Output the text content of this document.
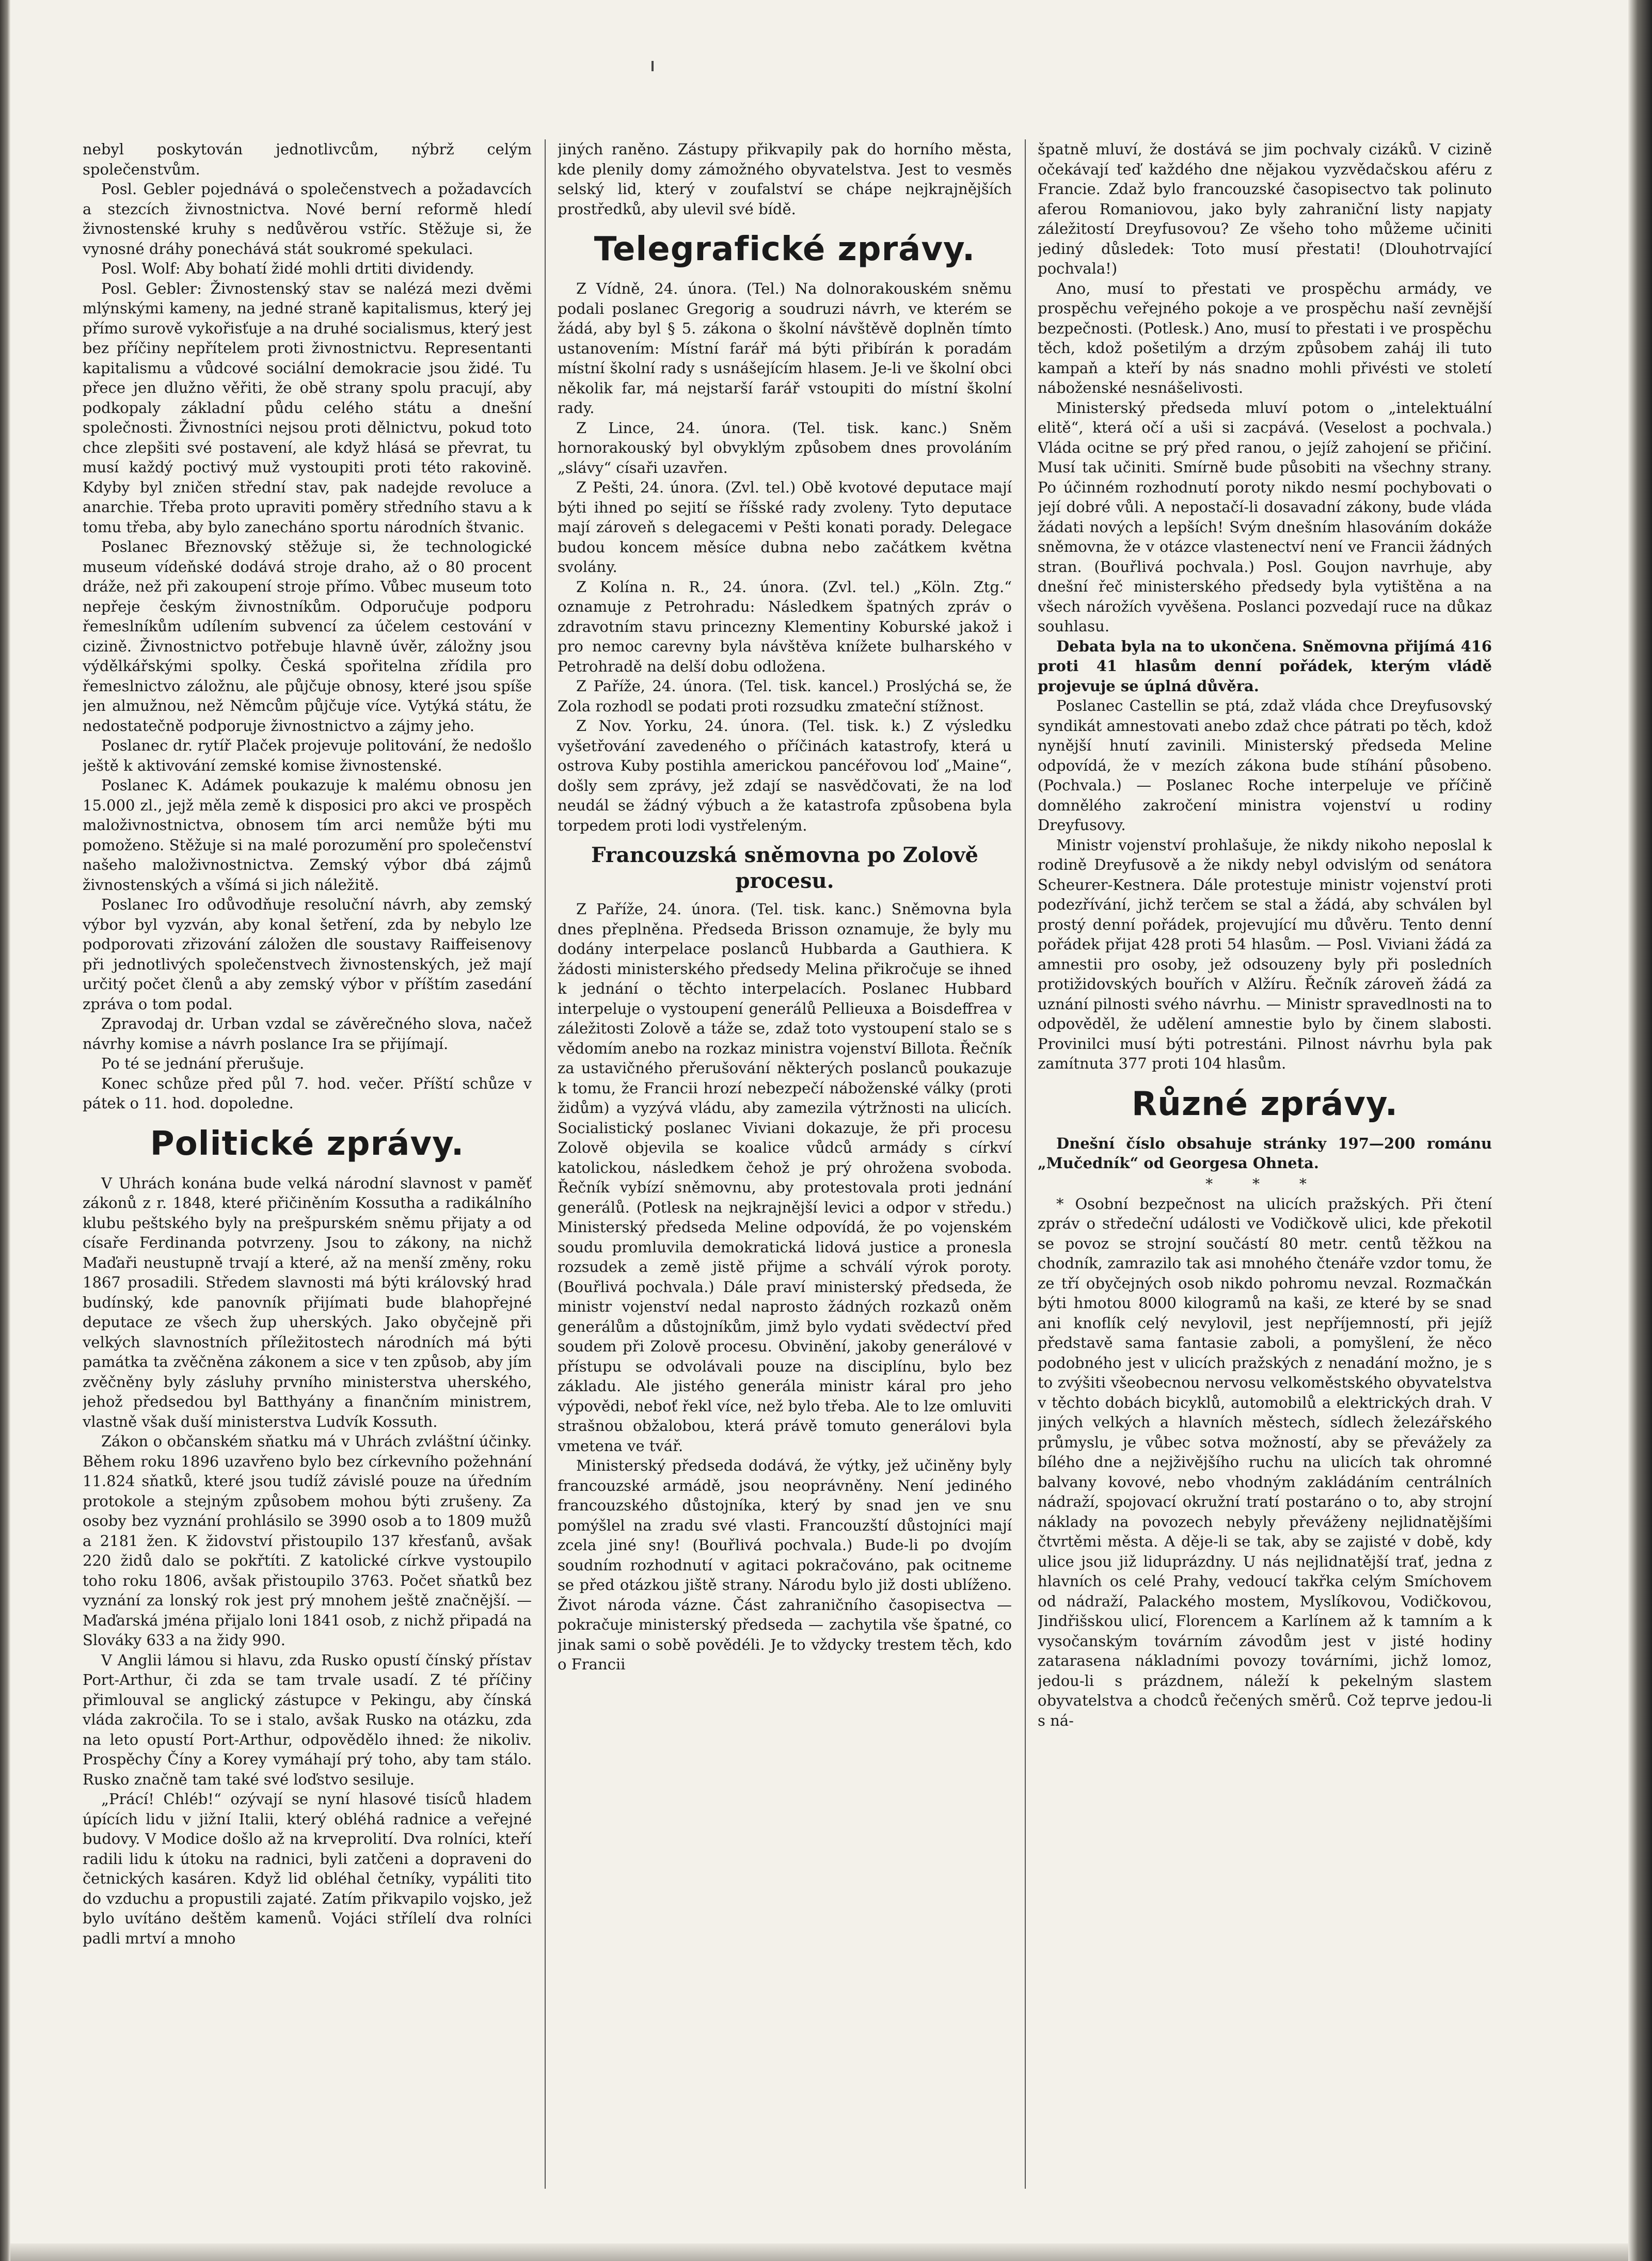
nebyl poskytován jednotlivcům, nýbrž celým společenstvům.

Posl. Gebler pojednává o společenstvech a požadavcích a stezcích živnostnictva. Nové berní reformě hledí živnostenské kruhy s nedůvěrou vstříc. Stěžuje si, že vynosné dráhy ponechává stát soukromé spekulaci.

Posl. Wolf: Aby bohatí židé mohli drtiti dividendy.

Posl. Gebler: Živnostenský stav se nalézá mezi dvěmi mlýnskými kameny, na jedné straně kapitalismus, který jej přímo surově vykořisťuje a na druhé socialismus, který jest bez příčiny nepřítelem proti živnostnictvu. Representanti kapitalismu a vůdcové sociální demokracie jsou židé. Tu přece jen dlužno věřiti, že obě strany spolu pracují, aby podkopaly základní půdu celého státu a dnešní společnosti. Živnostníci nejsou proti dělnictvu, pokud toto chce zlepšiti své postavení, ale když hlásá se převrat, tu musí každý poctivý muž vystoupiti proti této rakovině. Kdyby byl zničen střední stav, pak nadejde revoluce a anarchie. Třeba proto upraviti poměry středního stavu a k tomu třeba, aby bylo zanecháno sportu národních štvanic.

Poslanec Březnovský stěžuje si, že technologické museum vídeňské dodává stroje draho, až o 80 procent dráže, než při zakoupení stroje přímo. Vůbec museum toto nepřeje českým živnostníkům. Odporučuje podporu řemeslníkům udílením subvencí za účelem cestování v cizině. Živnostnictvo potřebuje hlavně úvěr, záložny jsou výdělkářskými spolky. Česká spořitelna zřídila pro řemeslnictvo záložnu, ale půjčuje obnosy, které jsou spíše jen almužnou, než Němcům půjčuje více. Vytýká státu, že nedostatečně podporuje živnostnictvo a zájmy jeho.

Poslanec dr. rytíř Plaček projevuje politování, že nedošlo ještě k aktivování zemské komise živnostenské.

Poslanec K. Adámek poukazuje k malému obnosu jen 15.000 zl., jejž měla země k disposici pro akci ve prospěch maloživnostnictva, obnosem tím arci nemůže býti mu pomoženo. Stěžuje si na malé porozumění pro společenství našeho maloživnostnictva. Zemský výbor dbá zájmů živnostenských a všímá si jich náležitě.

Poslanec Iro odůvodňuje resoluční návrh, aby zemský výbor byl vyzván, aby konal šetření, zda by nebylo lze podporovati zřizování záložen dle soustavy Raiffeisenovy při jednotlivých společenstvech živnostenských, jež mají určitý počet členů a aby zemský výbor v příštím zasedání zpráva o tom podal.

Zpravodaj dr. Urban vzdal se závěrečného slova, načež návrhy komise a návrh poslance Ira se přijímají.

Po té se jednání přerušuje.

Konec schůze před půl 7. hod. večer. Příští schůze v pátek o 11. hod. dopoledne.

Politické zprávy.

V Uhrách konána bude velká národní slavnost v paměť zákonů z r. 1848, které přičiněním Kossutha a radikálního klubu peštského byly na prešpurském sněmu přijaty a od císaře Ferdinanda potvrzeny. Jsou to zákony, na nichž Maďaři neustupně trvají a které, až na menší změny, roku 1867 prosadili. Středem slavnosti má býti královský hrad budínský, kde panovník přijímati bude blahopřejné deputace ze všech žup uherských. Jako obyčejně při velkých slavnostních příležitostech národních má býti památka ta zvěčněna zákonem a sice v ten způsob, aby jím zvěčněny byly zásluhy prvního ministerstva uherského, jehož předsedou byl Batthyány a finančním ministrem, vlastně však duší ministerstva Ludvík Kossuth.

Zákon o občanském sňatku má v Uhrách zvláštní účinky. Během roku 1896 uzavřeno bylo bez církevního požehnání 11.824 sňatků, které jsou tudíž závislé pouze na úředním protokole a stejným způsobem mohou býti zrušeny. Za osoby bez vyznání prohlásilo se 3990 osob a to 1809 mužů a 2181 žen. K židovství přistoupilo 137 křesťanů, avšak 220 židů dalo se pokřtíti. Z katolické církve vystoupilo toho roku 1806, avšak přistoupilo 3763. Počet sňatků bez vyznání za lonský rok jest prý mnohem ještě značnější. — Maďarská jména přijalo loni 1841 osob, z nichž připadá na Slováky 633 a na židy 990.

V Anglii lámou si hlavu, zda Rusko opustí čínský přístav Port-Arthur, či zda se tam trvale usadí. Z té příčiny přimlouval se anglický zástupce v Pekingu, aby čínská vláda zakročila. To se i stalo, avšak Rusko na otázku, zda na leto opustí Port-Arthur, odpovědělo ihned: že nikoliv. Prospěchy Číny a Korey vymáhají prý toho, aby tam stálo. Rusko značně tam také své loďstvo sesiluje.

„Prácí! Chléb!“ ozývají se nyní hlasové tisíců hladem úpících lidu v jižní Italii, který obléhá radnice a veřejné budovy. V Modice došlo až na krveprolití. Dva rolníci, kteří radili lidu k útoku na radnici, byli zatčeni a dopraveni do četnických kasáren. Když lid obléhal četníky, vypáliti tito do vzduchu a propustili zajaté. Zatím přikvapilo vojsko, jež bylo uvítáno deštěm kamenů. Vojáci střílelí dva rolníci padli mrtví a mnoho

jiných raněno. Zástupy přikvapily pak do horního města, kde plenily domy zámožného obyvatelstva. Jest to vesměs selský lid, který v zoufalství se chápe nejkrajnějších prostředků, aby ulevil své bídě.

Telegrafické zprávy.

Z Vídně, 24. února. (Tel.) Na dolnorakouském sněmu podali poslanec Gregorig a soudruzi návrh, ve kterém se žádá, aby byl § 5. zákona o školní návštěvě doplněn tímto ustanovením: Místní farář má býti přibírán k poradám místní školní rady s usnášejícím hlasem. Je-li ve školní obci několik far, má nejstarší farář vstoupiti do místní školní rady.

Z Lince, 24. února. (Tel. tisk. kanc.) Sněm hornorakouský byl obvyklým způsobem dnes provoláním „slávy“ císaři uzavřen.

Z Pešti, 24. února. (Zvl. tel.) Obě kvotové deputace mají býti ihned po sejití se říšské rady zvoleny. Tyto deputace mají zároveň s delegacemi v Pešti konati porady. Delegace budou koncem měsíce dubna nebo začátkem května svolány.

Z Kolína n. R., 24. února. (Zvl. tel.) „Köln. Ztg.“ oznamuje z Petrohradu: Následkem špatných zpráv o zdravotním stavu princezny Klementiny Koburské jakož i pro nemoc carevny byla návštěva knížete bulharského v Petrohradě na delší dobu odložena.

Z Paříže, 24. února. (Tel. tisk. kancel.) Proslýchá se, že Zola rozhodl se podati proti rozsudku zmateční stížnost.

Z Nov. Yorku, 24. února. (Tel. tisk. k.) Z výsledku vyšetřování zavedeného o příčinách katastrofy, která u ostrova Kuby postihla americkou pancéřovou loď „Maine“, došly sem zprávy, jež zdají se nasvědčovati, že na loď neudál se žádný výbuch a že katastrofa způsobena byla torpedem proti lodi vystřeleným.

Francouzská sněmovna po Zolově procesu.

Z Paříže, 24. února. (Tel. tisk. kanc.) Sněmovna byla dnes přeplněna. Předseda Brisson oznamuje, že byly mu dodány interpelace poslanců Hubbarda a Gauthiera. K žádosti ministerského předsedy Melina přikročuje se ihned k jednání o těchto interpelacích. Poslanec Hubbard interpeluje o vystoupení generálů Pellieuxa a Boisdeffrea v záležitosti Zolově a táže se, zdaž toto vystoupení stalo se s vědomím anebo na rozkaz ministra vojenství Billota. Řečník za ustavičného přerušování některých poslanců poukazuje k tomu, že Francii hrozí nebezpečí náboženské války (proti židům) a vyzývá vládu, aby zamezila výtržnosti na ulicích. Socialistický poslanec Viviani dokazuje, že při procesu Zolově objevila se koalice vůdců armády s církví katolickou, následkem čehož je prý ohrožena svoboda. Řečník vybízí sněmovnu, aby protestovala proti jednání generálů. (Potlesk na nejkrajnější levici a odpor v středu.) Ministerský předseda Meline odpovídá, že po vojenském soudu promluvila demokratická lidová justice a pronesla rozsudek a země jistě přijme a schválí výrok poroty. (Bouřlivá pochvala.) Dále praví ministerský předseda, že ministr vojenství nedal naprosto žádných rozkazů oněm generálům a důstojníkům, jimž bylo vydati svědectví před soudem při Zolově procesu. Obvinění, jakoby generálové v přístupu se odvolávali pouze na disciplínu, bylo bez základu. Ale jistého generála ministr káral pro jeho výpovědi, neboť řekl více, než bylo třeba. Ale to lze omluviti strašnou obžalobou, která právě tomuto generálovi byla vmetena ve tvář.

Ministerský předseda dodává, že výtky, jež učiněny byly francouzské armádě, jsou neoprávněny. Není jediného francouzského důstojníka, který by snad jen ve snu pomýšlel na zradu své vlasti. Francouzští důstojníci mají zcela jiné sny! (Bouřlivá pochvala.) Bude-li po dvojím soudním rozhodnutí v agitaci pokračováno, pak ocitneme se před otázkou jiště strany. Národu bylo již dosti ublíženo. Život národa vázne. Část zahraničního časopisectva — pokračuje ministerský předseda — zachytila vše špatné, co jinak sami o sobě povědéli. Je to vždycky trestem těch, kdo o Francii

špatně mluví, že dostává se jim pochvaly cizáků. V cizině očekávají teď každého dne nějakou vyzvědačskou aféru z Francie. Zdaž bylo francouzské časopisectvo tak polinuto aferou Romaniovou, jako byly zahraniční listy napjaty záležitostí Dreyfusovou? Ze všeho toho můžeme učiniti jediný důsledek: Toto musí přestati! (Dlouhotrvající pochvala!)

Ano, musí to přestati ve prospěchu armády, ve prospěchu veřejného pokoje a ve prospěchu naší zevnější bezpečnosti. (Potlesk.) Ano, musí to přestati i ve prospěchu těch, kdož pošetilým a drzým způsobem zaháj ili tuto kampaň a kteří by nás snadno mohli přivésti ve století náboženské nesnášelivosti.

Ministerský předseda mluví potom o „intelektuální elitě“, která očí a uši si zacpává. (Veselost a pochvala.) Vláda ocitne se prý před ranou, o jejíž zahojení se přičiní. Musí tak učiniti. Smírně bude působiti na všechny strany. Po účinném rozhodnutí poroty nikdo nesmí pochybovati o její dobré vůli. A nepostačí-li dosavadní zákony, bude vláda žádati nových a lepších! Svým dnešním hlasováním dokáže sněmovna, že v otázce vlastenectví není ve Francii žádných stran. (Bouřlivá pochvala.) Posl. Goujon navrhuje, aby dnešní řeč ministerského předsedy byla vytištěna a na všech nárožích vyvěšena. Poslanci pozvedají ruce na důkaz souhlasu.

Debata byla na to ukončena. Sněmovna přijímá 416 proti 41 hlasům denní pořádek, kterým vládě projevuje se úplná důvěra.

Poslanec Castellin se ptá, zdaž vláda chce Dreyfusovský syndikát amnestovati anebo zdaž chce pátrati po těch, kdož nynější hnutí zavinili. Ministerský předseda Meline odpovídá, že v mezích zákona bude stíhání působeno. (Pochvala.) — Poslanec Roche interpeluje ve příčině domnělého zakročení ministra vojenství u rodiny Dreyfusovy.

Ministr vojenství prohlašuje, že nikdy nikoho neposlal k rodině Dreyfusově a že nikdy nebyl odvislým od senátora Scheurer-Kestnera. Dále protestuje ministr vojenství proti podezřívání, jichž terčem se stal a žádá, aby schválen byl prostý denní pořádek, projevující mu důvěru. Tento denní pořádek přijat 428 proti 54 hlasům. — Posl. Viviani žádá za amnestii pro osoby, jež odsouzeny byly při posledních protižidovských bouřích v Alžíru. Řečník zároveň žádá za uznání pilnosti svého návrhu. — Ministr spravedlnosti na to odpověděl, že udělení amnestie bylo by činem slabosti. Provinilci musí býti potrestáni. Pilnost návrhu byla pak zamítnuta 377 proti 104 hlasům.

Různé zprávy.

Dnešní číslo obsahuje stránky 197—200 románu „Mučedník“ od Georgesa Ohneta.

* * *

* Osobní bezpečnost na ulicích pražských. Při čtení zpráv o středeční události ve Vodičkově ulici, kde překotil se povoz se strojní součástí 80 metr. centů těžkou na chodník, zamrazilo tak asi mnohého čtenáře vzdor tomu, že ze tří obyčejných osob nikdo pohromu nevzal. Rozmačkán býti hmotou 8000 kilogramů na kaši, ze které by se snad ani knoflík celý nevylovil, jest nepříjemností, při jejíž představě sama fantasie zaboli, a pomyšlení, že něco podobného jest v ulicích pražských z nenadání možno, je s to zvýšiti všeobecnou nervosu velkoměstského obyvatelstva v těchto dobách bicyklů, automobilů a elektrických drah. V jiných velkých a hlavních městech, sídlech železářského průmyslu, je vůbec sotva možností, aby se převážely za bílého dne a nejživějšího ruchu na ulicích tak ohromné balvany kovové, nebo vhodným zakládáním centrálních nádraží, spojovací okružní tratí postaráno o to, aby strojní náklady na povozech nebyly převáženy nejlidnatějšími čtvrtěmi města. A děje-li se tak, aby se zajisté v době, kdy ulice jsou již liduprázdny. U nás nejlidnatější trať, jedna z hlavních os celé Prahy, vedoucí takřka celým Smíchovem od nádraží, Palackého mostem, Myslíkovou, Vodičkovou, Jindřišskou ulicí, Florencem a Karlínem až k tamním a k vysočanským továrním závodům jest v jisté hodiny zatarasena nákladními povozy továrními, jichž lomoz, jedou-li s prázdnem, náleží k pekelným slastem obyvatelstva a chodců řečených směrů. Což teprve jedou-li s ná-
